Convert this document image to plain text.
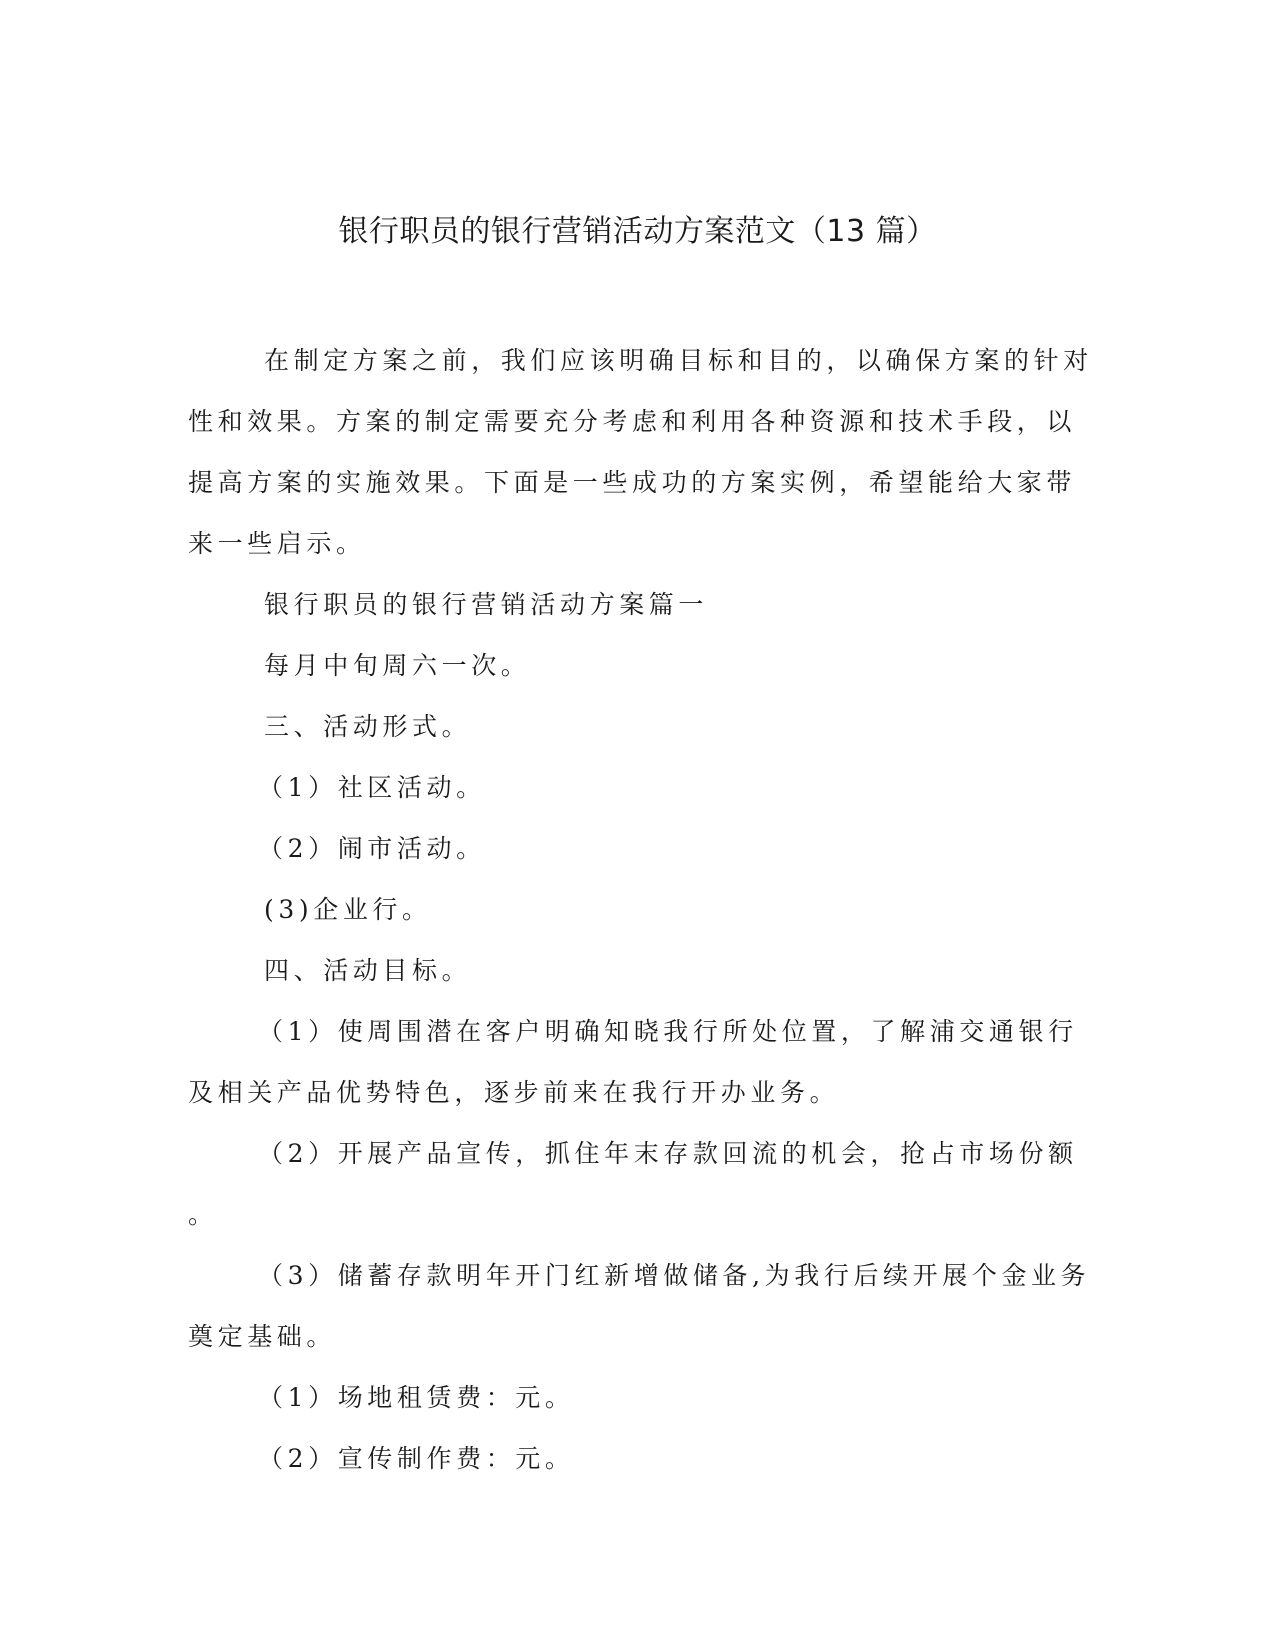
银行职员的银行营销活动方案范文（13 篇）
在制定方案之前，我们应该明确目标和目的，以确保方案的针对
性和效果。方案的制定需要充分考虑和利用各种资源和技术手段，以
提高方案的实施效果。下面是一些成功的方案实例，希望能给大家带
来一些启示。
银行职员的银行营销活动方案篇一
每月中旬周六一次。
三、活动形式。
（1）社区活动。
（2）闹市活动。
(3)企业行。
四、活动目标。
（1）使周围潜在客户明确知晓我行所处位置，了解浦交通银行
及相关产品优势特色，逐步前来在我行开办业务。
（2）开展产品宣传，抓住年末存款回流的机会，抢占市场份额
。
（3）储蓄存款明年开门红新增做储备,为我行后续开展个金业务
奠定基础。
（1）场地租赁费：元。
（2）宣传制作费：元。
